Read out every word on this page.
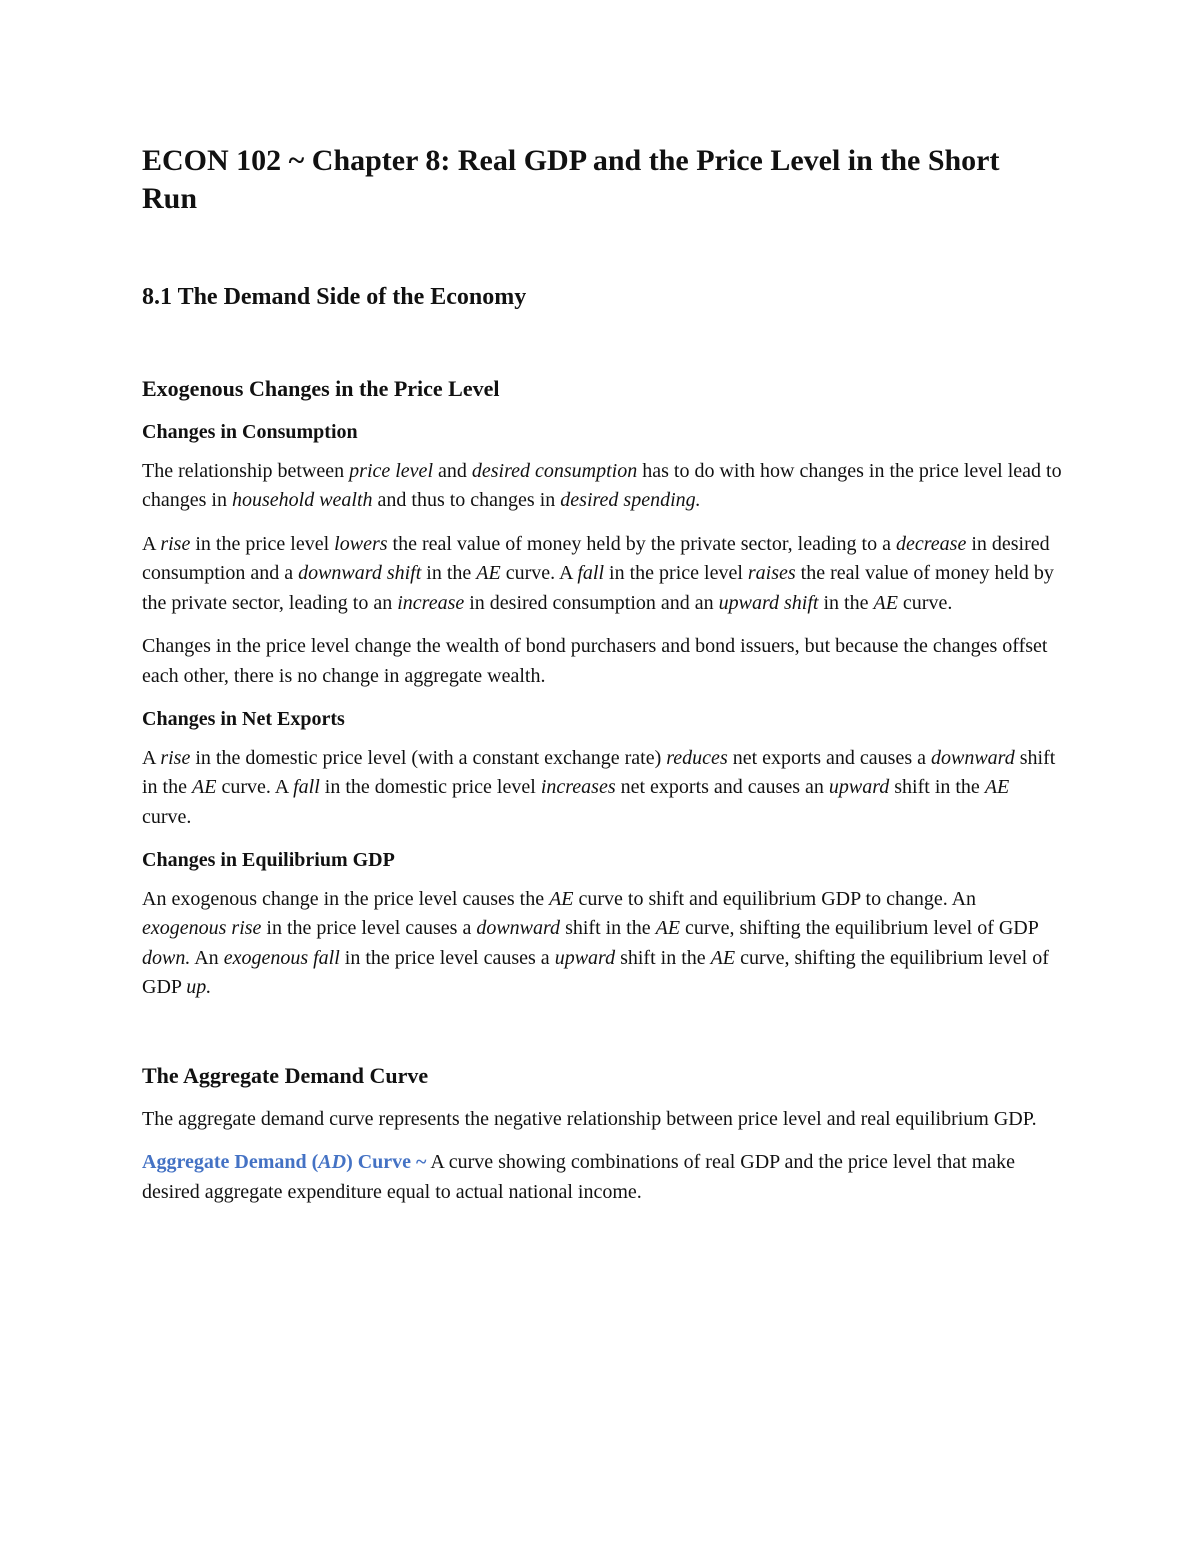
ECON 102 ~ Chapter 8: Real GDP and the Price Level in the Short Run
8.1 The Demand Side of the Economy
Exogenous Changes in the Price Level
Changes in Consumption

The relationship between price level and desired consumption has to do with how changes in the price level lead to changes in household wealth and thus to changes in desired spending.

A rise in the price level lowers the real value of money held by the private sector, leading to a decrease in desired consumption and a downward shift in the AE curve. A fall in the price level raises the real value of money held by the private sector, leading to an increase in desired consumption and an upward shift in the AE curve.

Changes in the price level change the wealth of bond purchasers and bond issuers, but because the changes offset each other, there is no change in aggregate wealth.

Changes in Net Exports

A rise in the domestic price level (with a constant exchange rate) reduces net exports and causes a downward shift in the AE curve. A fall in the domestic price level increases net exports and causes an upward shift in the AE curve.

Changes in Equilibrium GDP

An exogenous change in the price level causes the AE curve to shift and equilibrium GDP to change. An exogenous rise in the price level causes a downward shift in the AE curve, shifting the equilibrium level of GDP down. An exogenous fall in the price level causes a upward shift in the AE curve, shifting the equilibrium level of GDP up.

The Aggregate Demand Curve

The aggregate demand curve represents the negative relationship between price level and real equilibrium GDP.

Aggregate Demand (AD) Curve ~ A curve showing combinations of real GDP and the price level that make desired aggregate expenditure equal to actual national income.
